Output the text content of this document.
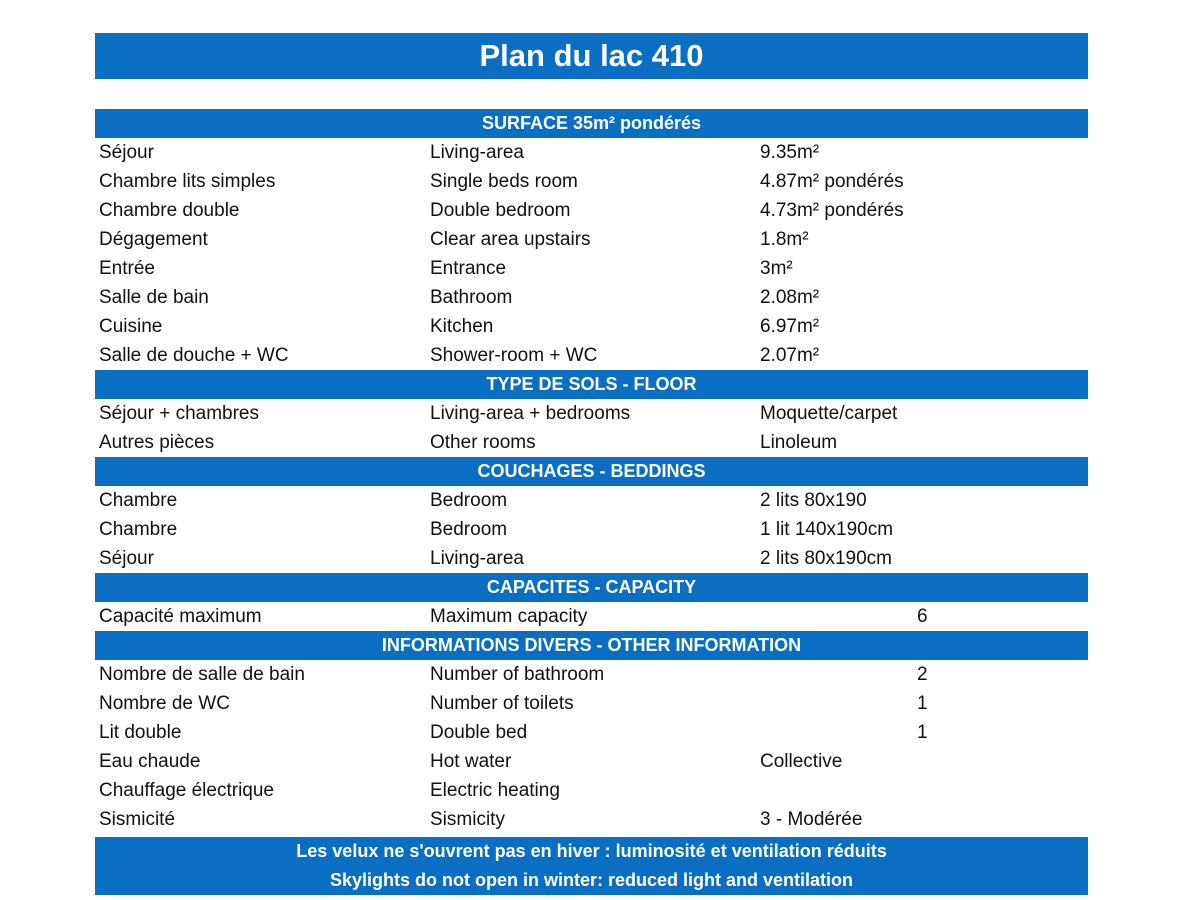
Plan du lac 410
SURFACE 35m² pondérés
Séjour	Living-area	9.35m²
Chambre lits simples	Single beds room	4.87m² pondérés
Chambre double	Double bedroom	4.73m² pondérés
Dégagement	Clear area upstairs	1.8m²
Entrée	Entrance	3m²
Salle de bain	Bathroom	2.08m²
Cuisine	Kitchen	6.97m²
Salle de douche + WC	Shower-room + WC	2.07m²
TYPE DE SOLS - FLOOR
Séjour + chambres	Living-area + bedrooms	Moquette/carpet
Autres pièces	Other rooms	Linoleum
COUCHAGES - BEDDINGS
Chambre	Bedroom	2 lits 80x190
Chambre	Bedroom	1 lit 140x190cm
Séjour	Living-area	2 lits 80x190cm
CAPACITES - CAPACITY
Capacité maximum	Maximum capacity	6
INFORMATIONS DIVERS - OTHER INFORMATION
Nombre de salle de bain	Number of bathroom	2
Nombre de WC	Number of toilets	1
Lit double	Double bed	1
Eau chaude	Hot water	Collective
Chauffage électrique	Electric heating
Sismicité	Sismicity	3 - Modérée
Les velux ne s'ouvrent pas en hiver : luminosité et ventilation réduits
Skylights do not open in winter: reduced light and ventilation
